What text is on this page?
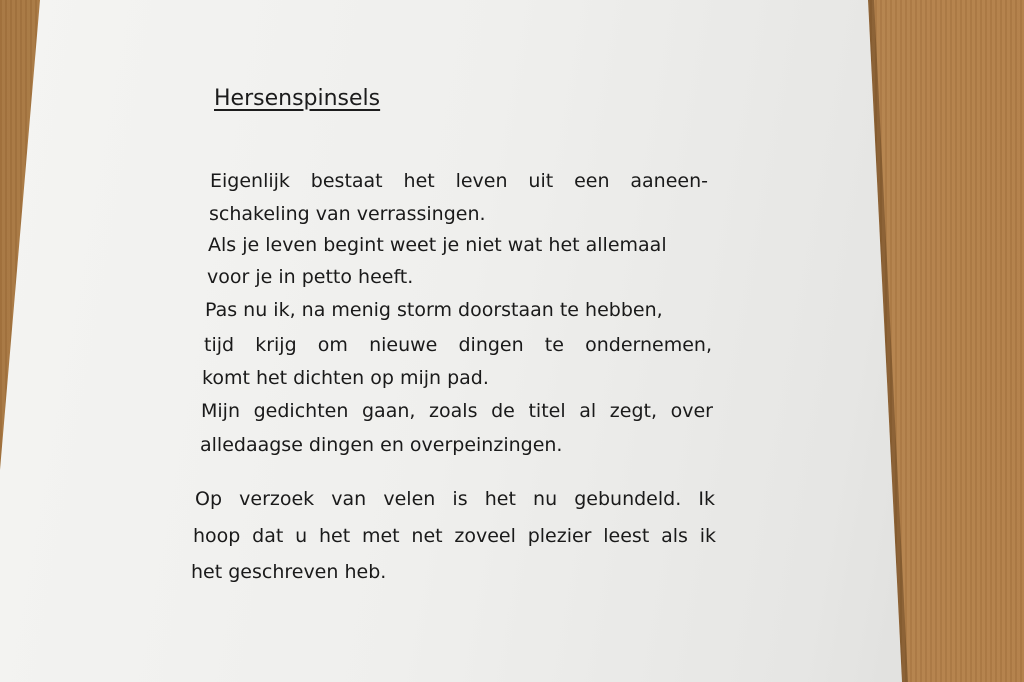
Hersenspinsels

Eigenlijk bestaat het leven uit een aaneen-

schakeling van verrassingen.

Als je leven begint weet je niet wat het allemaal

voor je in petto heeft.

Pas nu ik, na menig storm doorstaan te hebben,

tijd krijg om nieuwe dingen te ondernemen,

komt het dichten op mijn pad.

Mijn gedichten gaan, zoals de titel al zegt, over

alledaagse dingen en overpeinzingen.

Op verzoek van velen is het nu gebundeld. Ik

hoop dat u het met net zoveel plezier leest als ik

het geschreven heb.
